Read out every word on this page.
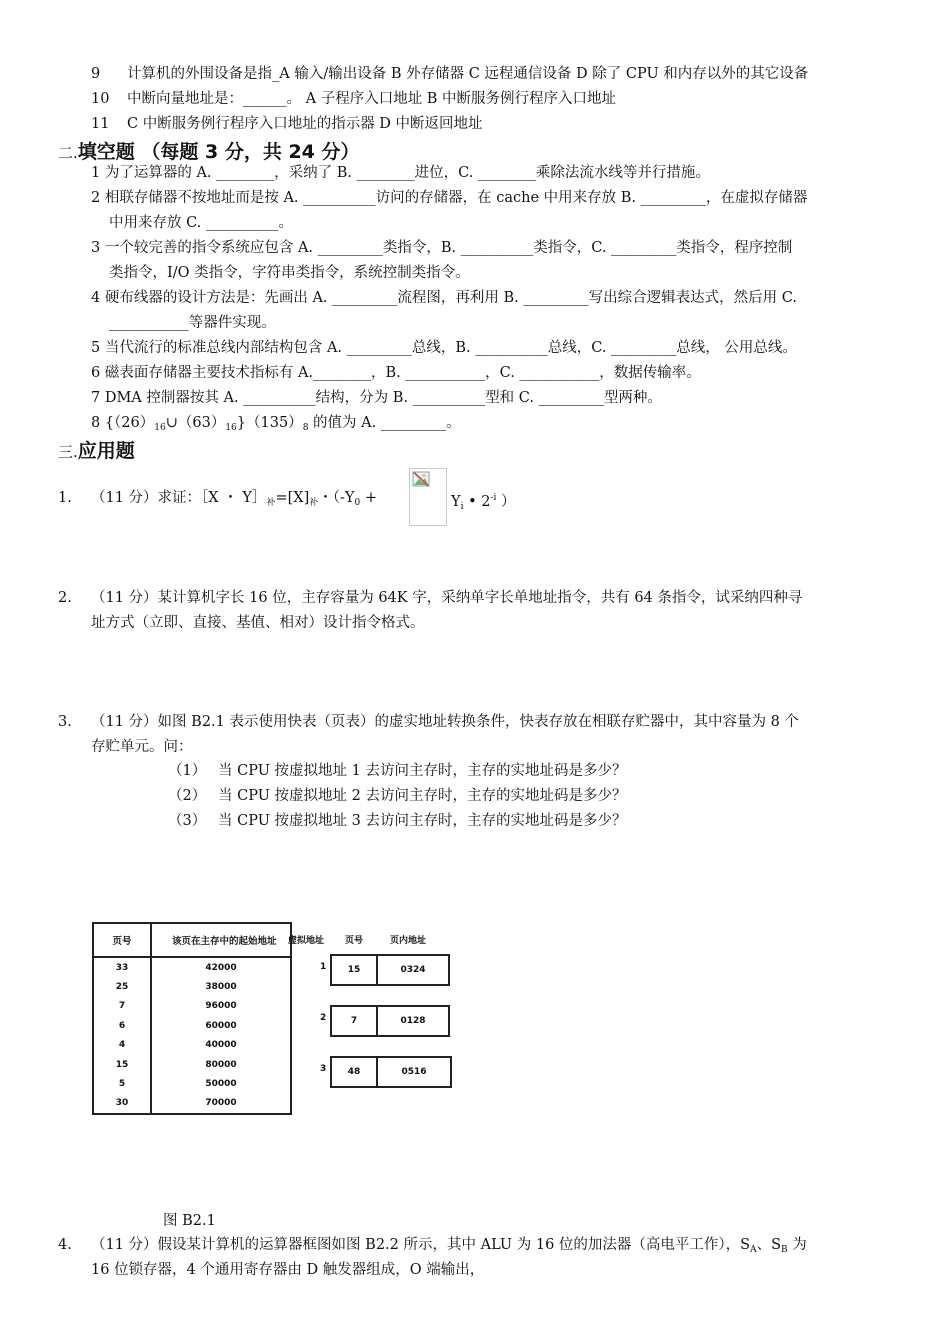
9 计算机的外围设备是指_A 输入/输出设备 B 外存储器 C 远程通信设备 D 除了 CPU 和内存以外的其它设备
10 中断向量地址是：______。 A 子程序入口地址 B 中断服务例行程序入口地址
11 C 中断服务例行程序入口地址的指示器 D 中断返回地址
二.填空题 （每题 3 分，共 24 分）
1 为了运算器的 A. ________，采纳了 B. ________进位，C. ________乘除法流水线等并行措施。
2 相联存储器不按地址而是按 A. __________访问的存储器，在 cache 中用来存放 B. _________，在虚拟存储器
中用来存放 C. __________。
3 一个较完善的指令系统应包含 A. _________类指令，B. __________类指令，C. _________类指令，程序控制
类指令，I/O 类指令，字符串类指令，系统控制类指令。
4 硬布线器的设计方法是：先画出 A. _________流程图，再利用 B. _________写出综合逻辑表达式，然后用 C.
___________等器件实现。
5 当代流行的标准总线内部结构包含 A. _________总线，B. __________总线，C. _________总线， 公用总线。
6 磁表面存储器主要技术指标有 A.________，B. ___________，C. ___________，数据传输率。
7 DMA 控制器按其 A. __________结构，分为 B. __________型和 C. _________型两种。
8 $\{(26)_{16}\cup(63)_{16}\}(135)_8$ 的值为 A. _________。
三.应用题
1. （11 分）求证：［X ・ $Y]_补=[X]_补$・（$-Y_0$ +	$Y_i$ • $2^{-i}$ ）
2. （11 分）某计算机字长 16 位，主存容量为 64K 字，采纳单字长单地址指令，共有 64 条指令，试采纳四种寻
址方式（立即、直接、基值、相对）设计指令格式。
3. （11 分）如图 B2.1 表示使用快表（页表）的虚实地址转换条件，快表存放在相联存贮器中，其中容量为 8 个
存贮单元。问：
（1） 当 CPU 按虚拟地址 1 去访问主存时，主存的实地址码是多少？
（2） 当 CPU 按虚拟地址 2 去访问主存时，主存的实地址码是多少？
（3） 当 CPU 按虚拟地址 3 去访问主存时，主存的实地址码是多少？
页号	该页在主存中的起始地址
33	42000
25	38000
7	96000
6	60000
4	40000
15	80000
5	50000
30	70000
虚拟地址 页号	页内地址
1	15	0324
2	7	0128
3	48	0516
图 B2.1
4. （11 分）假设某计算机的运算器框图如图 B2.2 所示，其中 ALU 为 16 位的加法器（高电平工作），$S_A$、$S_B$ 为
16 位锁存器，4 个通用寄存器由 D 触发器组成，O 端输出，
